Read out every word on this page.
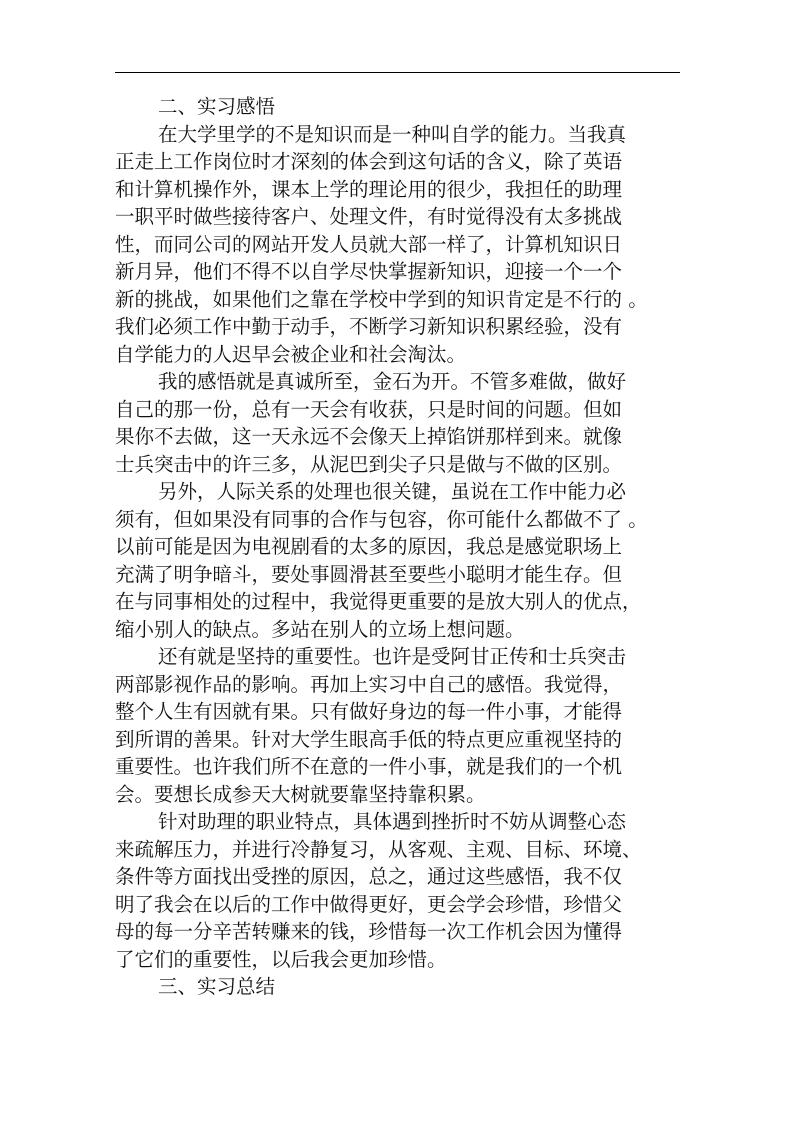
二、实习感悟
在大学里学的不是知识而是一种叫自学的能力。当我真
正走上工作岗位时才深刻的体会到这句话的含义，除了英语
和计算机操作外，课本上学的理论用的很少，我担任的助理
一职平时做些接待客户、处理文件，有时觉得没有太多挑战
性，而同公司的网站开发人员就大部一样了，计算机知识日
新月异，他们不得不以自学尽快掌握新知识，迎接一个一个
新的挑战，如果他们之靠在学校中学到的知识肯定是不行的 。
我们必须工作中勤于动手，不断学习新知识积累经验，没有
自学能力的人迟早会被企业和社会淘汰。
我的感悟就是真诚所至，金石为开。不管多难做，做好
自己的那一份，总有一天会有收获，只是时间的问题。但如
果你不去做，这一天永远不会像天上掉馅饼那样到来。就像
士兵突击中的许三多，从泥巴到尖子只是做与不做的区别。
另外，人际关系的处理也很关键，虽说在工作中能力必
须有，但如果没有同事的合作与包容，你可能什么都做不了 。
以前可能是因为电视剧看的太多的原因，我总是感觉职场上
充满了明争暗斗，要处事圆滑甚至要些小聪明才能生存。但
在与同事相处的过程中，我觉得更重要的是放大别人的优点，
缩小别人的缺点。多站在别人的立场上想问题。
还有就是坚持的重要性。也许是受阿甘正传和士兵突击
两部影视作品的影响。再加上实习中自己的感悟。我觉得，
整个人生有因就有果。只有做好身边的每一件小事，才能得
到所谓的善果。针对大学生眼高手低的特点更应重视坚持的
重要性。也许我们所不在意的一件小事，就是我们的一个机
会。要想长成参天大树就要靠坚持靠积累。
针对助理的职业特点，具体遇到挫折时不妨从调整心态
来疏解压力，并进行冷静复习，从客观、主观、目标、环境、
条件等方面找出受挫的原因，总之，通过这些感悟，我不仅
明了我会在以后的工作中做得更好，更会学会珍惜，珍惜父
母的每一分辛苦转赚来的钱，珍惜每一次工作机会因为懂得
了它们的重要性，以后我会更加珍惜。
三、实习总结
